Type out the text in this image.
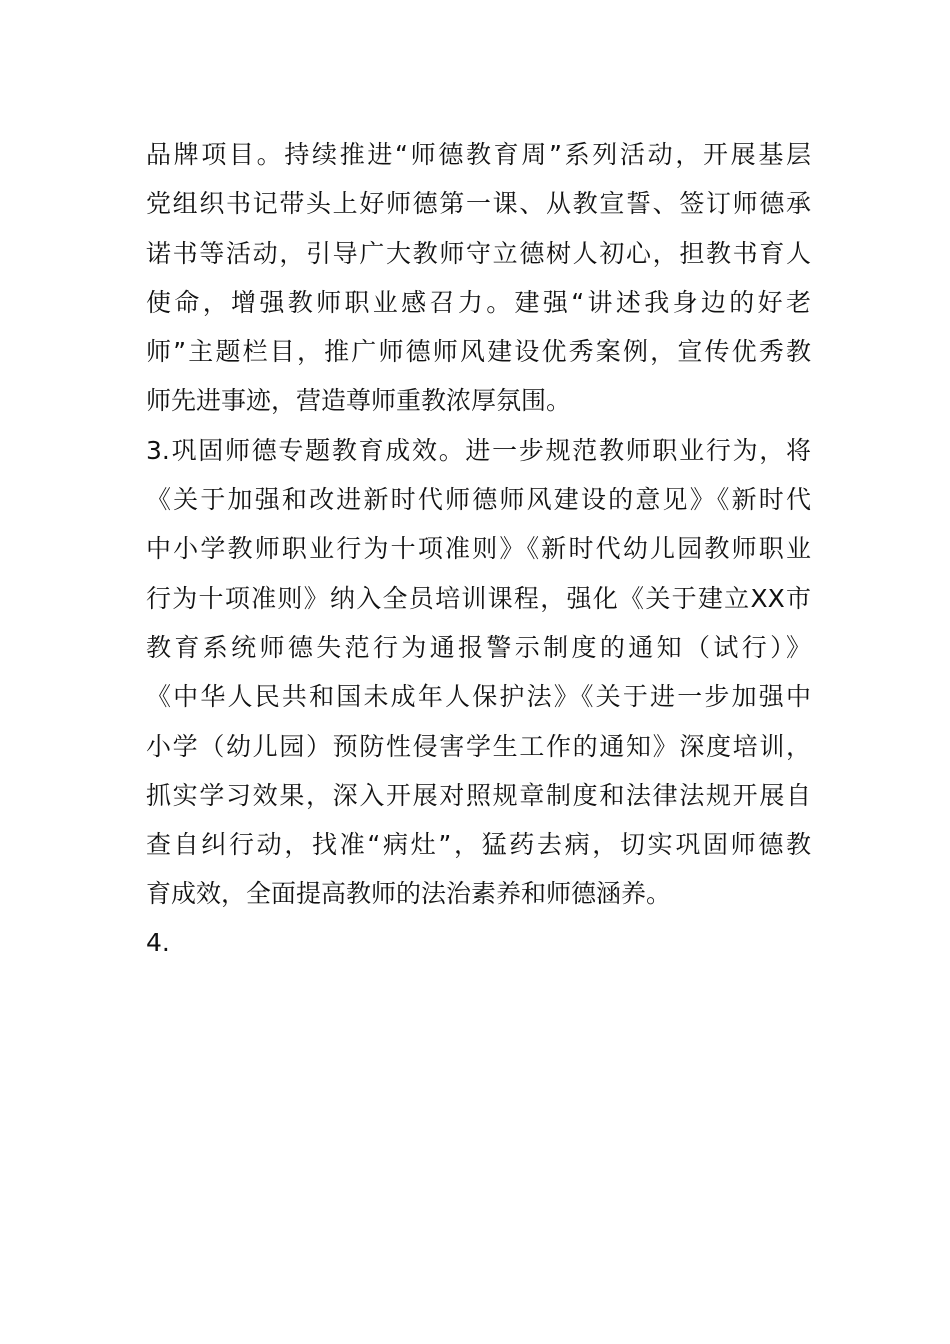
品牌项目。持续推进“师德教育周”系列活动，开展基层
党组织书记带头上好师德第一课、从教宣誓、签订师德承
诺书等活动，引导广大教师守立德树人初心，担教书育人
使命，增强教师职业感召力。建强“讲述我身边的好老
师”主题栏目，推广师德师风建设优秀案例，宣传优秀教
师先进事迹，营造尊师重教浓厚氛围。
3.巩固师德专题教育成效。进一步规范教师职业行为，将
《关于加强和改进新时代师德师风建设的意见》《新时代
中小学教师职业行为十项准则》《新时代幼儿园教师职业
行为十项准则》纳入全员培训课程，强化《关于建立XX市
教育系统师德失范行为通报警示制度的通知（试行）》
《中华人民共和国未成年人保护法》《关于进一步加强中
小学（幼儿园）预防性侵害学生工作的通知》深度培训，
抓实学习效果，深入开展对照规章制度和法律法规开展自
查自纠行动，找准“病灶”，猛药去病，切实巩固师德教
育成效，全面提高教师的法治素养和师德涵养。
4.
